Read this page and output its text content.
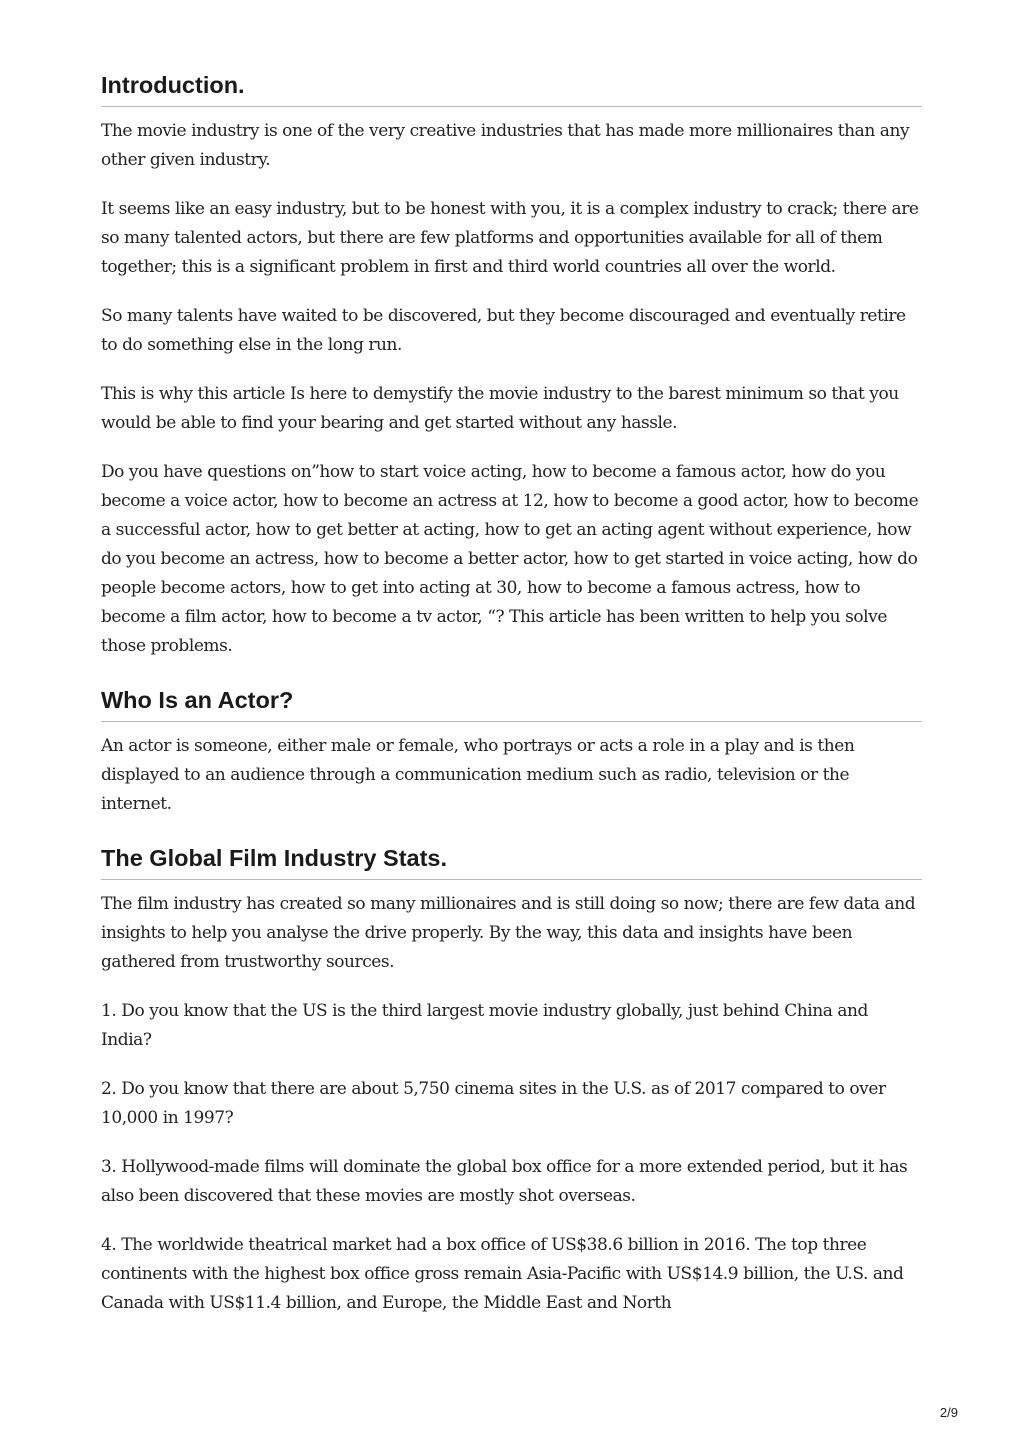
Introduction.

The movie industry is one of the very creative industries that has made more millionaires than any other given industry.

It seems like an easy industry, but to be honest with you, it is a complex industry to crack; there are so many talented actors, but there are few platforms and opportunities available for all of them together; this is a significant problem in first and third world countries all over the world.

So many talents have waited to be discovered, but they become discouraged and eventually retire to do something else in the long run.

This is why this article Is here to demystify the movie industry to the barest minimum so that you would be able to find your bearing and get started without any hassle.

Do you have questions on”how to start voice acting, how to become a famous actor, how do you become a voice actor, how to become an actress at 12, how to become a good actor, how to become a successful actor, how to get better at acting, how to get an acting agent without experience, how do you become an actress, how to become a better actor, how to get started in voice acting, how do people become actors, how to get into acting at 30, how to become a famous actress, how to become a film actor, how to become a tv actor, “? This article has been written to help you solve those problems.

Who Is an Actor?

An actor is someone, either male or female, who portrays or acts a role in a play and is then displayed to an audience through a communication medium such as radio, television or the internet.

The Global Film Industry Stats.

The film industry has created so many millionaires and is still doing so now; there are few data and insights to help you analyse the drive properly. By the way, this data and insights have been gathered from trustworthy sources.

1. Do you know that the US is the third largest movie industry globally, just behind China and India?

2. Do you know that there are about 5,750 cinema sites in the U.S. as of 2017 compared to over 10,000 in 1997?

3. Hollywood-made films will dominate the global box office for a more extended period, but it has also been discovered that these movies are mostly shot overseas.

4. The worldwide theatrical market had a box office of US$38.6 billion in 2016. The top three continents with the highest box office gross remain Asia-Pacific with US$14.9 billion, the U.S. and Canada with US$11.4 billion, and Europe, the Middle East and North

2/9
